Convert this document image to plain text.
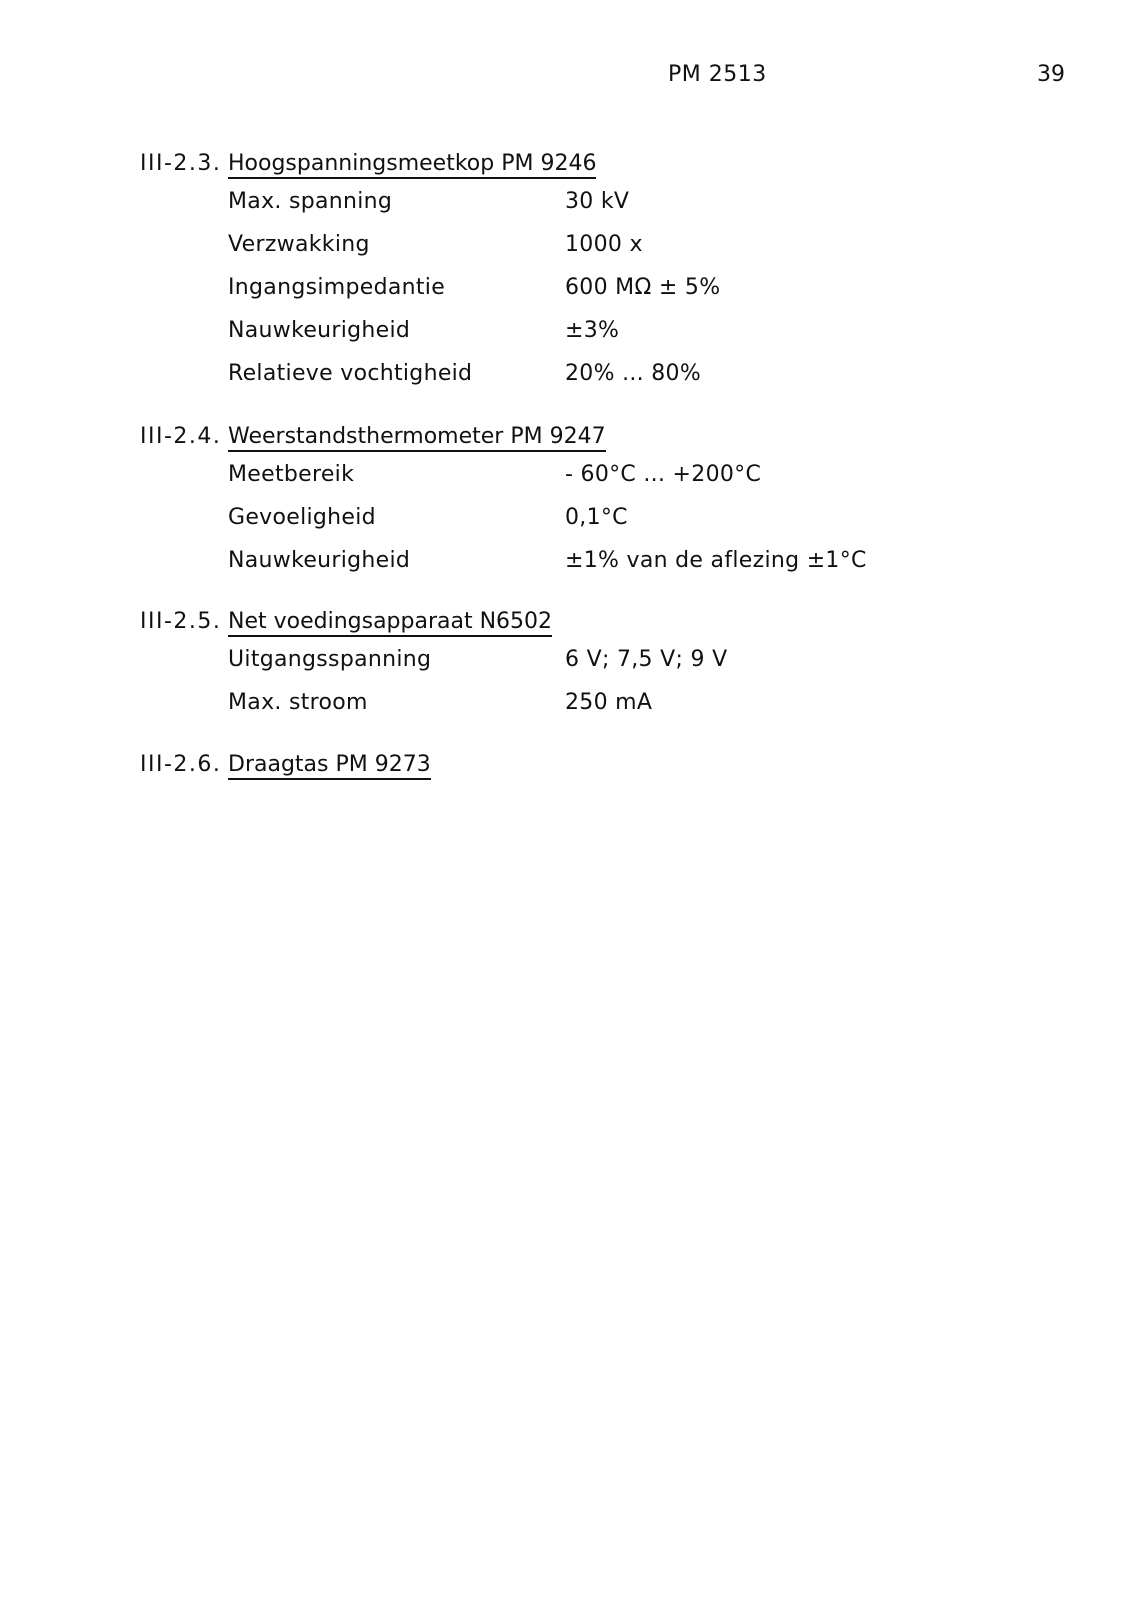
PM 2513	39
III-2.3. Hoogspanningsmeetkop PM 9246
Max. spanning	30 kV
Verzwakking	1000 x
Ingangsimpedantie	600 MΩ ± 5%
Nauwkeurigheid	±3%
Relatieve vochtigheid	20% ... 80%
III-2.4. Weerstandsthermometer PM 9247
Meetbereik	- 60°C ... +200°C
Gevoeligheid	0,1°C
Nauwkeurigheid	±1% van de aflezing ±1°C
III-2.5. Net voedingsapparaat N6502
Uitgangsspanning	6 V; 7,5 V; 9 V
Max. stroom	250 mA
III-2.6. Draagtas PM 9273
